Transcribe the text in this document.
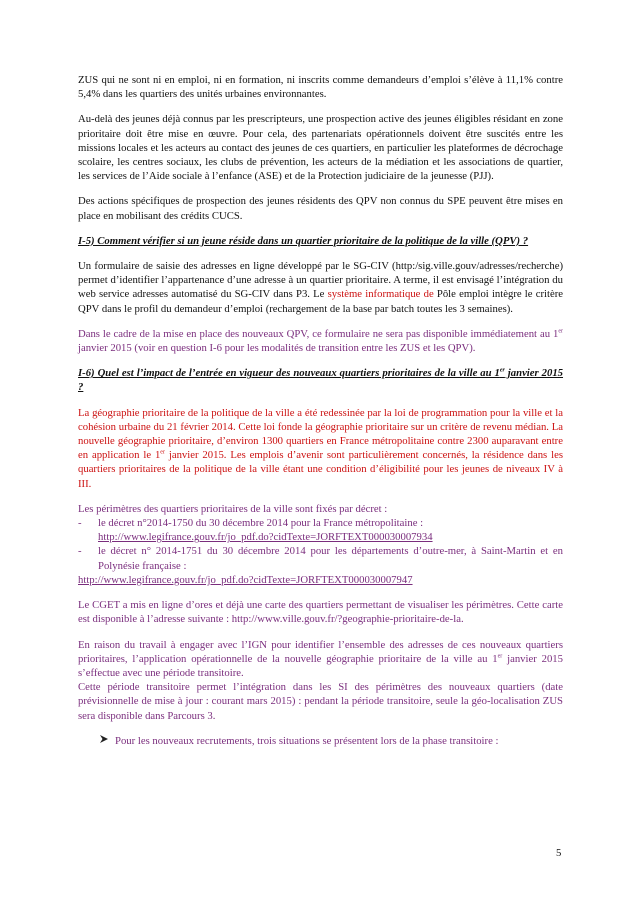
ZUS qui ne sont ni en emploi, ni en formation, ni inscrits comme demandeurs d’emploi s’élève à 11,1% contre 5,4% dans les quartiers des unités urbaines environnantes.

Au-delà des jeunes déjà connus par les prescripteurs, une prospection active des jeunes éligibles résidant en zone prioritaire doit être mise en œuvre. Pour cela, des partenariats opérationnels doivent être suscités entre les missions locales et les acteurs au contact des jeunes de ces quartiers, en particulier les plateformes de décrochage scolaire, les centres sociaux, les clubs de prévention, les acteurs de la médiation et les associations de quartier, les services de l’Aide sociale à l’enfance (ASE) et de la Protection judiciaire de la jeunesse (PJJ).

Des actions spécifiques de prospection des jeunes résidents des QPV non connus du SPE peuvent être mises en place en mobilisant des crédits CUCS.

I-5) Comment vérifier si un jeune réside dans un quartier prioritaire de la politique de la ville (QPV) ?

Un formulaire de saisie des adresses en ligne développé par le SG-CIV (http:/sig.ville.gouv/adresses/recherche) permet d’identifier l’appartenance d’une adresse à un quartier prioritaire. A terme, il est envisagé l’intégration du web service adresses automatisé du SG-CIV dans P3. Le système informatique de Pôle emploi intègre le critère QPV dans le profil du demandeur d’emploi (rechargement de la base par batch toutes les 3 semaines).

Dans le cadre de la mise en place des nouveaux QPV, ce formulaire ne sera pas disponible immédiatement au 1er janvier 2015 (voir en question I-6 pour les modalités de transition entre les ZUS et les QPV).

I-6) Quel est l’impact de l’entrée en vigueur des nouveaux quartiers prioritaires de la ville au 1er janvier 2015 ?

La géographie prioritaire de la politique de la ville a été redessinée par la loi de programmation pour la ville et la cohésion urbaine du 21 février 2014. Cette loi fonde la géographie prioritaire sur un critère de revenu médian. La nouvelle géographie prioritaire, d’environ 1300 quartiers en France métropolitaine contre 2300 auparavant entre en application le 1er janvier 2015. Les emplois d’avenir sont particulièrement concernés, la résidence dans les quartiers prioritaires de la politique de la ville étant une condition d’éligibilité pour les jeunes de niveaux IV à III.

Les périmètres des quartiers prioritaires de la ville sont fixés par décret :

-	le décret n°2014-1750 du 30 décembre 2014 pour la France métropolitaine :
http://www.legifrance.gouv.fr/jo_pdf.do?cidTexte=JORFTEXT000030007934
-	le décret n° 2014-1751 du 30 décembre 2014 pour les départements d’outre-mer, à Saint-Martin et en Polynésie française :

http://www.legifrance.gouv.fr/jo_pdf.do?cidTexte=JORFTEXT000030007947

Le CGET a mis en ligne d’ores et déjà une carte des quartiers permettant de visualiser les périmètres. Cette carte est disponible à l’adresse suivante : http://www.ville.gouv.fr/?geographie-prioritaire-de-la.

En raison du travail à engager avec l’IGN pour identifier l’ensemble des adresses de ces nouveaux quartiers prioritaires, l’application opérationnelle de la nouvelle géographie prioritaire de la ville au 1er janvier 2015 s’effectue avec une période transitoire.

Cette période transitoire permet l’intégration dans les SI des périmètres des nouveaux quartiers (date prévisionnelle de mise à jour : courant mars 2015) : pendant la période transitoire, seule la géo-localisation ZUS sera disponible dans Parcours 3.

Pour les nouveaux recrutements, trois situations se présentent lors de la phase transitoire :
5
